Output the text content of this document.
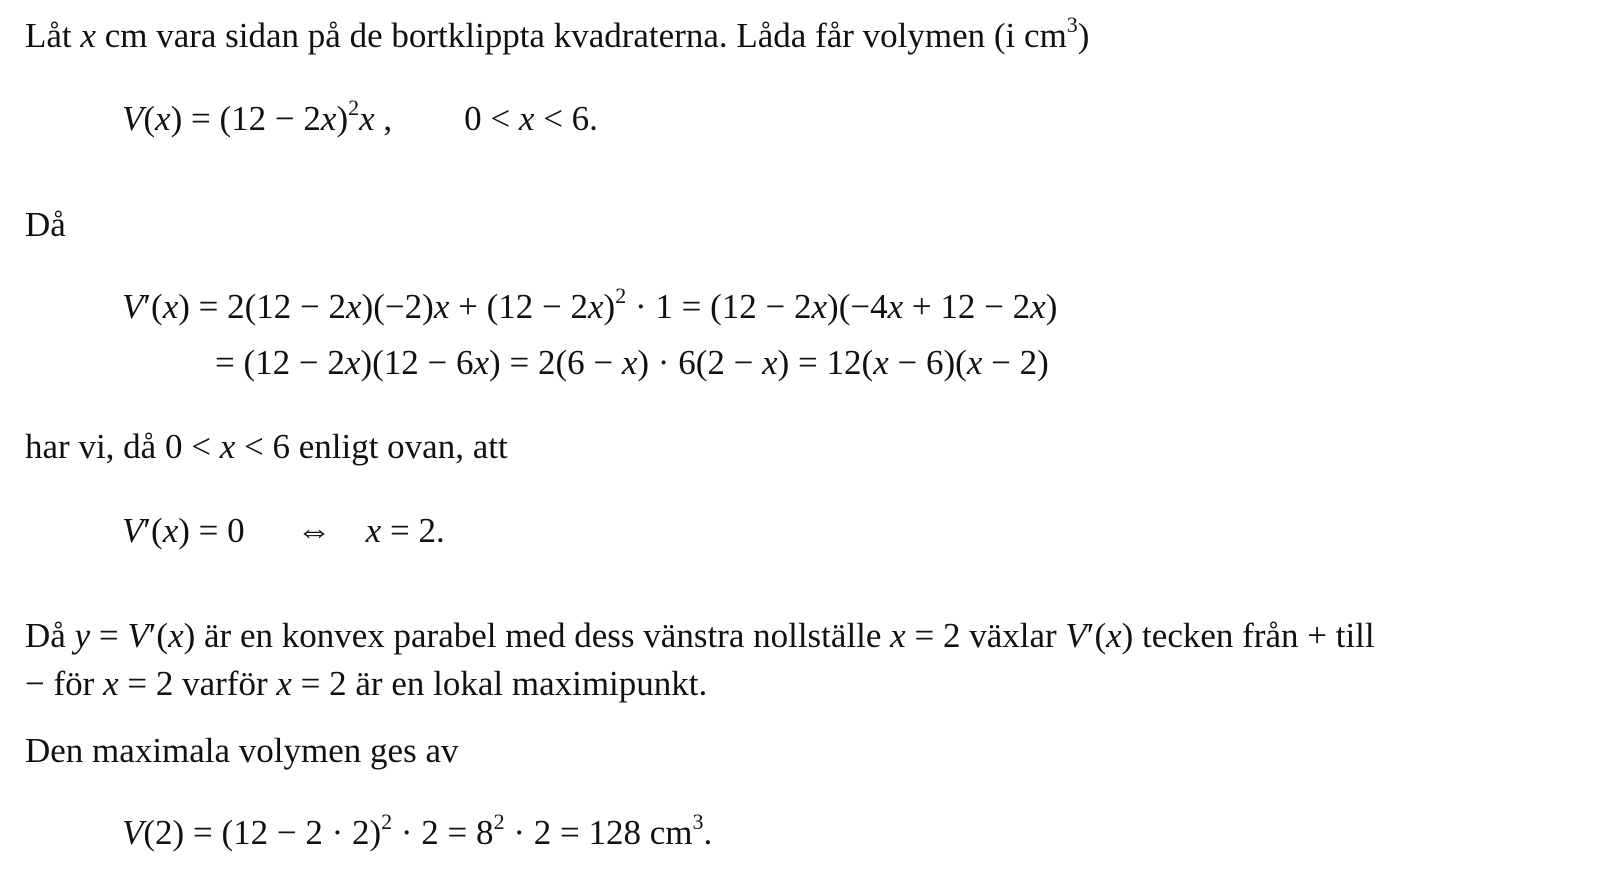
Låt x cm vara sidan på de bortklippta kvadraterna. Låda får volymen (i $cm^3$)
$V(x) = (12 - 2x)^2x$ , 0 < x < 6.
Då
$V'(x) = 2(12 - 2x)(-2)x + (12 - 2x)^2 \cdot 1 = (12 - 2x)(-4x + 12 - 2x)$
= (12 − 2x)(12 − 6x) = 2(6 − x) · 6(2 − x) = 12(x − 6)(x − 2)
har vi, då 0 < x < 6 enligt ovan, att
V′(x) = 0 ⇔ x = 2.
Då y = V′(x) är en konvex parabel med dess vänstra nollställe x = 2 växlar V′(x) tecken från + till
− för x = 2 varför x = 2 är en lokal maximipunkt.
Den maximala volymen ges av
$V(2) = (12 - 2 \cdot 2)^2 \cdot 2 = 8^2 \cdot 2 = 128$ $cm^3$.
